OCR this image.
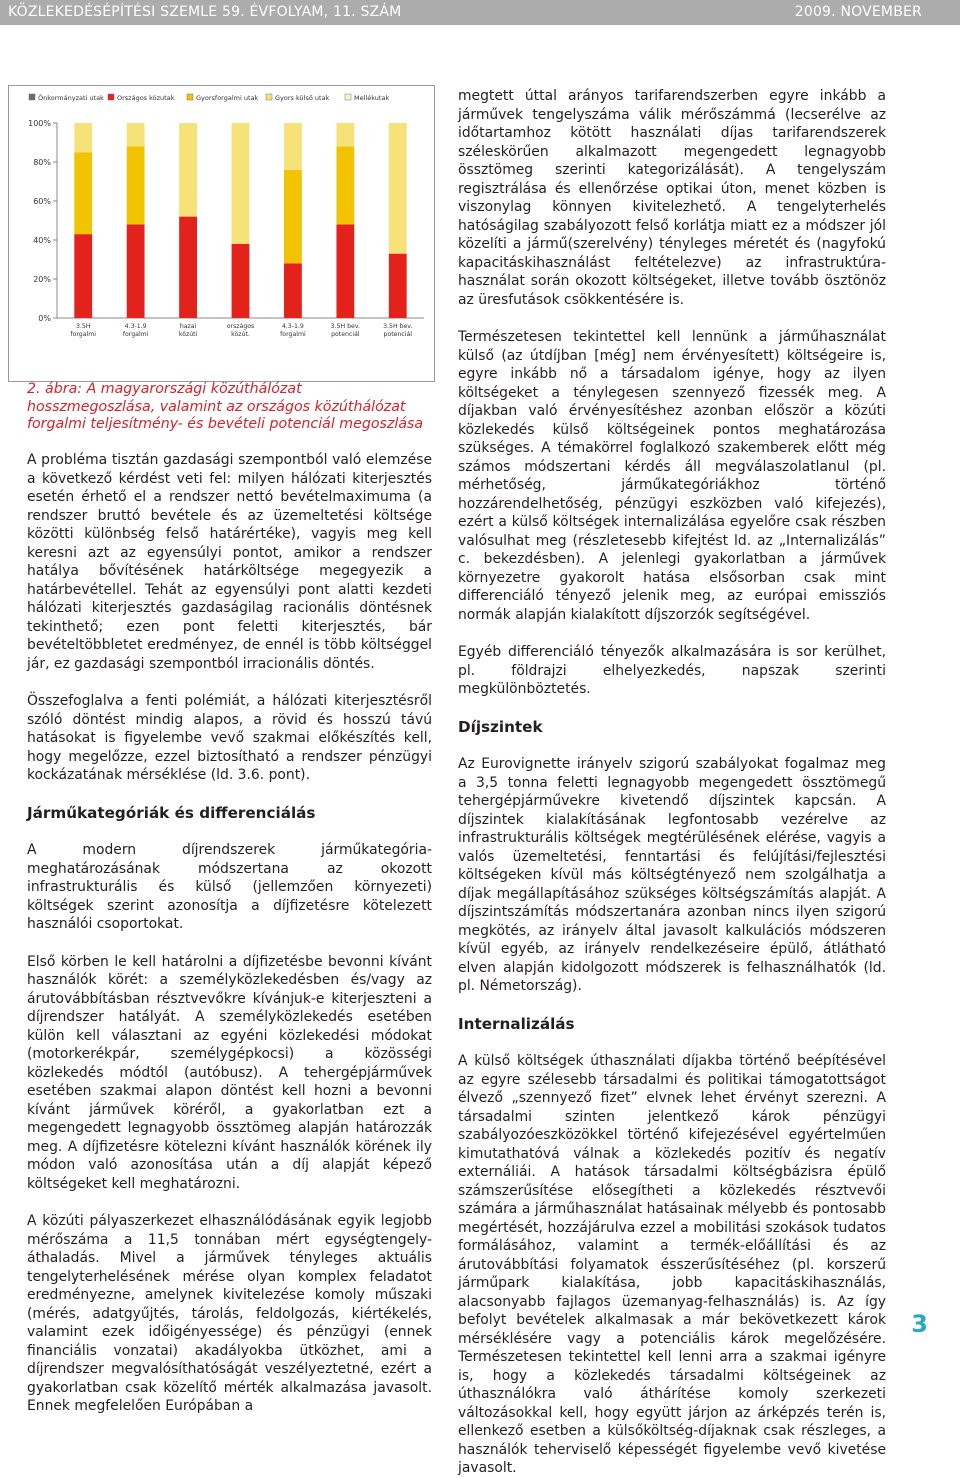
KÖZLEKEDÉSÉPÍTÉSI SZEMLE 59. ÉVFOLYAM, 11. SZÁM	2009. NOVEMBER
Önkormányzati utak Országos közutak	Gyorsforgalmi utak	Gyors külső utak	Mellékutak
0%
20%
40%
60%
80%
100%
3.5H
forgalmi
4.3-1.9
forgalmi
hazai
közúti
országos
közút.
4.3-1.9
forgalmi
3.5H bev.
potenciál
3.5H bev.
potenciál

2. ábra: A magyarországi közúthálózat hosszmegoszlása, valamint az országos közúthálózat forgalmi teljesítmény- és bevételi potenciál megoszlása

A probléma tisztán gazdasági szempontból való elemzése a következő kérdést veti fel: milyen hálózati kiterjesztés esetén érhető el a rendszer nettó bevételmaximuma (a rendszer bruttó bevétele és az üzemeltetési költsége közötti különbség felső határértéke), vagyis meg kell keresni azt az egyensúlyi pontot, amikor a rendszer hatálya bővítésének határköltsége megegyezik a határbevétellel. Tehát az egyensúlyi pont alatti kezdeti hálózati kiterjesztés gazdaságilag racionális döntésnek tekinthető; ezen pont feletti kiterjesztés, bár bevételtöbbletet eredményez, de ennél is több költséggel jár, ez gazdasági szempontból irracionális döntés.

Összefoglalva a fenti polémiát, a hálózati kiterjesztésről szóló döntést mindig alapos, a rövid és hosszú távú hatásokat is figyelembe vevő szakmai előkészítés kell, hogy megelőzze, ezzel biztosítható a rendszer pénzügyi kockázatának mérséklése (ld. 3.6. pont).

Járműkategóriák és differenciálás

A modern díjrendszerek járműkategória-meghatározásának módszertana az okozott infrastrukturális és külső (jellemzően környezeti) költségek szerint azonosítja a díjfizetésre kötelezett használói csoportokat.

Első körben le kell határolni a díjfizetésbe bevonni kívánt használók körét: a személyközlekedésben és/vagy az árutovábbításban résztvevőkre kívánjuk-e kiterjeszteni a díjrendszer hatályát. A személyközlekedés esetében külön kell választani az egyéni közlekedési módokat (motorkerékpár, személygépkocsi) a közösségi közlekedés módtól (autóbusz). A tehergépjárművek esetében szakmai alapon döntést kell hozni a bevonni kívánt járművek köréről, a gyakorlatban ezt a megengedett legnagyobb össztömeg alapján határozzák meg. A díjfizetésre kötelezni kívánt használók körének ily módon való azonosítása után a díj alapját képező költségeket kell meghatározni.

A közúti pályaszerkezet elhasználódásának egyik legjobb mérőszáma a 11,5 tonnában mért egységtengely-áthaladás. Mivel a járművek tényleges aktuális tengelyterhelésének mérése olyan komplex feladatot eredményezne, amelynek kivitelezése komoly műszaki (mérés, adatgyűjtés, tárolás, feldolgozás, kiértékelés, valamint ezek időigényessége) és pénzügyi (ennek financiális vonzatai) akadályokba ütközhet, ami a díjrendszer megvalósíthatóságát veszélyeztetné, ezért a gyakorlatban csak közelítő mérték alkalmazása javasolt. Ennek megfelelően Európában a

megtett úttal arányos tarifarendszerben egyre inkább a járművek tengelyszáma válik mérőszámmá (lecserélve az időtartamhoz kötött használati díjas tarifarendszerek széleskörűen alkalmazott megengedett legnagyobb össztömeg szerinti kategorizálását). A tengelyszám regisztrálása és ellenőrzése optikai úton, menet közben is viszonylag könnyen kivitelezhető. A tengelyterhelés hatóságilag szabályozott felső korlátja miatt ez a módszer jól közelíti a jármű(szerelvény) tényleges méretét és (nagyfokú kapacitáskihasználást feltételezve) az infrastruktúra-használat során okozott költségeket, illetve tovább ösztönöz az üresfutások csökkentésére is.

Természetesen tekintettel kell lennünk a járműhasználat külső (az útdíjban [még] nem érvényesített) költségeire is, egyre inkább nő a társadalom igénye, hogy az ilyen költségeket a ténylegesen szennyező fizessék meg. A díjakban való érvényesítéshez azonban először a közúti közlekedés külső költségeinek pontos meghatározása szükséges. A témakörrel foglalkozó szakemberek előtt még számos módszertani kérdés áll megválaszolatlanul (pl. mérhetőség, járműkategóriákhoz történő hozzárendelhetőség, pénzügyi eszközben való kifejezés), ezért a külső költségek internalizálása egyelőre csak részben valósulhat meg (részletesebb kifejtést ld. az „Internalizálás” c. bekezdésben). A jelenlegi gyakorlatban a járművek környezetre gyakorolt hatása elsősorban csak mint differenciáló tényező jelenik meg, az európai emissziós normák alapján kialakított díjszorzók segítségével.

Egyéb differenciáló tényezők alkalmazására is sor kerülhet, pl. földrajzi elhelyezkedés, napszak szerinti megkülönböztetés.

Díjszintek

Az Eurovignette irányelv szigorú szabályokat fogalmaz meg a 3,5 tonna feletti legnagyobb megengedett össztömegű tehergépjárművekre kivetendő díjszintek kapcsán. A díjszintek kialakításának legfontosabb vezérelve az infrastrukturális költségek megtérülésének elérése, vagyis a valós üzemeltetési, fenntartási és felújítási/fejlesztési költségeken kívül más költségtényező nem szolgálhatja a díjak megállapításához szükséges költségszámítás alapját. A díjszintszámítás módszertanára azonban nincs ilyen szigorú megkötés, az irányelv által javasolt kalkulációs módszeren kívül egyéb, az irányelv rendelkezéseire épülő, átlátható elven alapján kidolgozott módszerek is felhasználhatók (ld. pl. Németország).

Internalizálás

A külső költségek úthasználati díjakba történő beépítésével az egyre szélesebb társadalmi és politikai támogatottságot élvező „szennyező fizet” elvnek lehet érvényt szerezni. A társadalmi szinten jelentkező károk pénzügyi szabályozóeszközökkel történő kifejezésével egyértelműen kimutathatóvá válnak a közlekedés pozitív és negatív externáliái. A hatások társadalmi költségbázisra épülő számszerűsítése elősegítheti a közlekedés résztvevői számára a járműhasználat hatásainak mélyebb és pontosabb megértését, hozzájárulva ezzel a mobilitási szokások tudatos formálásához, valamint a termék-előállítási és az árutovábbítási folyamatok ésszerűsítéséhez (pl. korszerű járműpark kialakítása, jobb kapacitáskihasználás, alacsonyabb fajlagos üzemanyag-felhasználás) is. Az így befolyt bevételek alkalmasak a már bekövetkezett károk mérséklésére vagy a potenciális károk megelőzésére. Természetesen tekintettel kell lenni arra a szakmai igényre is, hogy a közlekedés társadalmi költségeinek az úthasználókra való áthárítése komoly szerkezeti változásokkal kell, hogy együtt járjon az árképzés terén is, ellenkező esetben a külsőköltség-díjaknak csak részleges, a használók teherviselő képességét figyelembe vevő kivetése javasolt.

3
